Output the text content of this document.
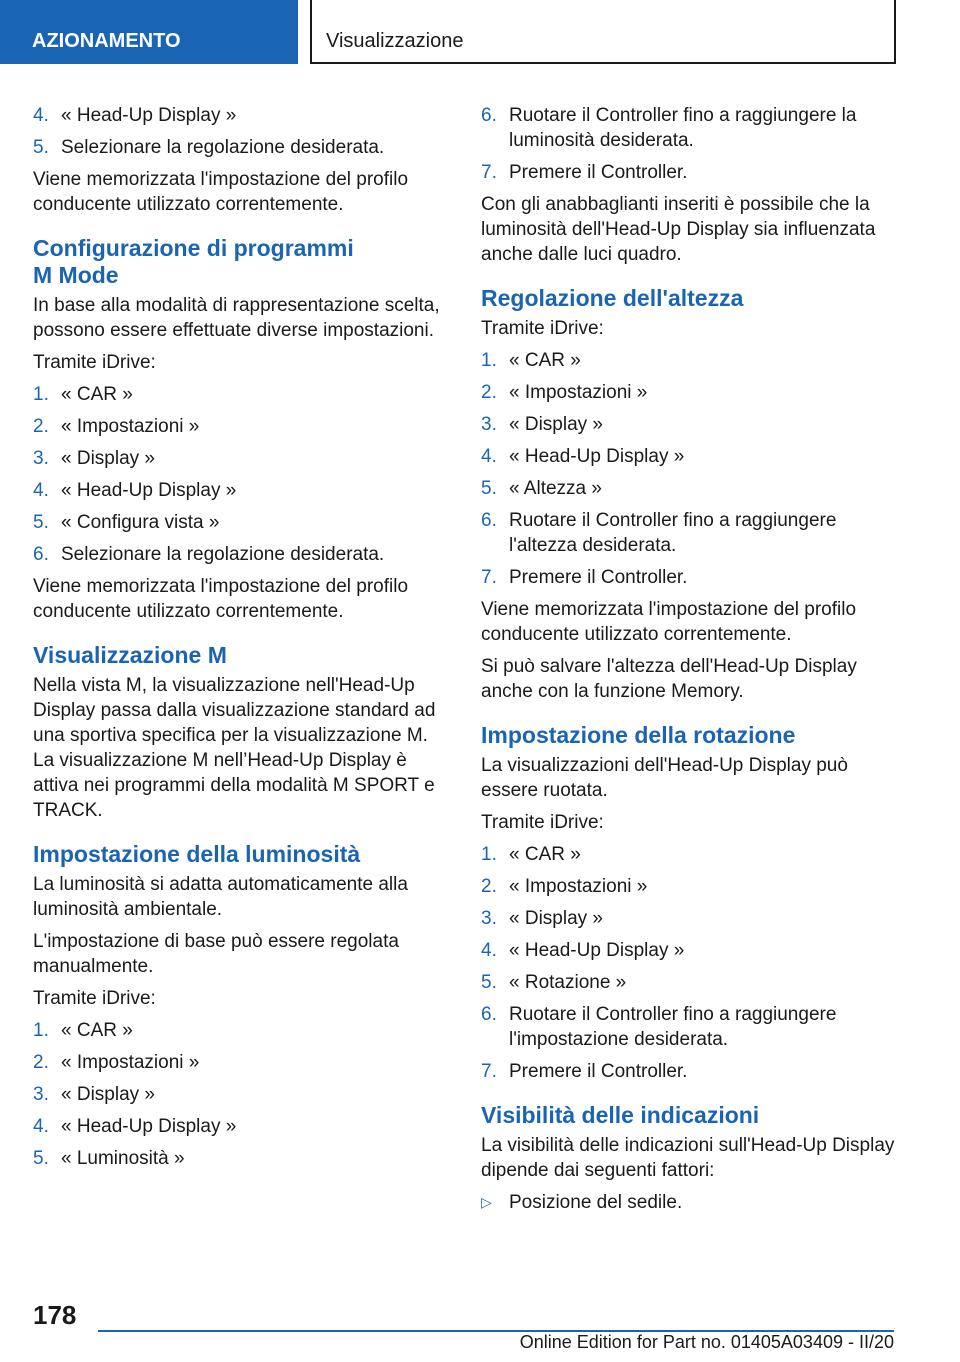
AZIONAMENTO	Visualizzazione
4. « Head-Up Display »
5. Selezionare la regolazione desiderata.

Viene memorizzata l'impostazione del profilo conducente utilizzato correntemente.

Configurazione di programmi M Mode

In base alla modalità di rappresentazione scelta, possono essere effettuate diverse impostazioni.

Tramite iDrive:

1. « CAR »
2. « Impostazioni »
3. « Display »
4. « Head-Up Display »
5. « Configura vista »
6. Selezionare la regolazione desiderata.

Viene memorizzata l'impostazione del profilo conducente utilizzato correntemente.

Visualizzazione M

Nella vista M, la visualizzazione nell'Head-Up Display passa dalla visualizzazione standard ad una sportiva specifica per la visualizzazione M. La visualizzazione M nell’Head-Up Display è attiva nei programmi della modalità M SPORT e TRACK.

Impostazione della luminosità

La luminosità si adatta automaticamente alla luminosità ambientale.

L'impostazione di base può essere regolata manualmente.

Tramite iDrive:

1. « CAR »
2. « Impostazioni »
3. « Display »
4. « Head-Up Display »
5. « Luminosità »
6. Ruotare il Controller fino a raggiungere la luminosità desiderata.
7. Premere il Controller.

Con gli anabbaglianti inseriti è possibile che la luminosità dell'Head-Up Display sia influenzata anche dalle luci quadro.

Regolazione dell'altezza

Tramite iDrive:

1. « CAR »
2. « Impostazioni »
3. « Display »
4. « Head-Up Display »
5. « Altezza »
6. Ruotare il Controller fino a raggiungere l'altezza desiderata.
7. Premere il Controller.

Viene memorizzata l'impostazione del profilo conducente utilizzato correntemente.

Si può salvare l'altezza dell'Head-Up Display anche con la funzione Memory.

Impostazione della rotazione

La visualizzazioni dell'Head-Up Display può essere ruotata.

Tramite iDrive:

1. « CAR »
2. « Impostazioni »
3. « Display »
4. « Head-Up Display »
5. « Rotazione »
6. Ruotare il Controller fino a raggiungere l'impostazione desiderata.
7. Premere il Controller.
Visibilità delle indicazioni

La visibilità delle indicazioni sull'Head-Up Display dipende dai seguenti fattori:

▷ Posizione del sedile.
178
Online Edition for Part no. 01405A03409 - II/20
